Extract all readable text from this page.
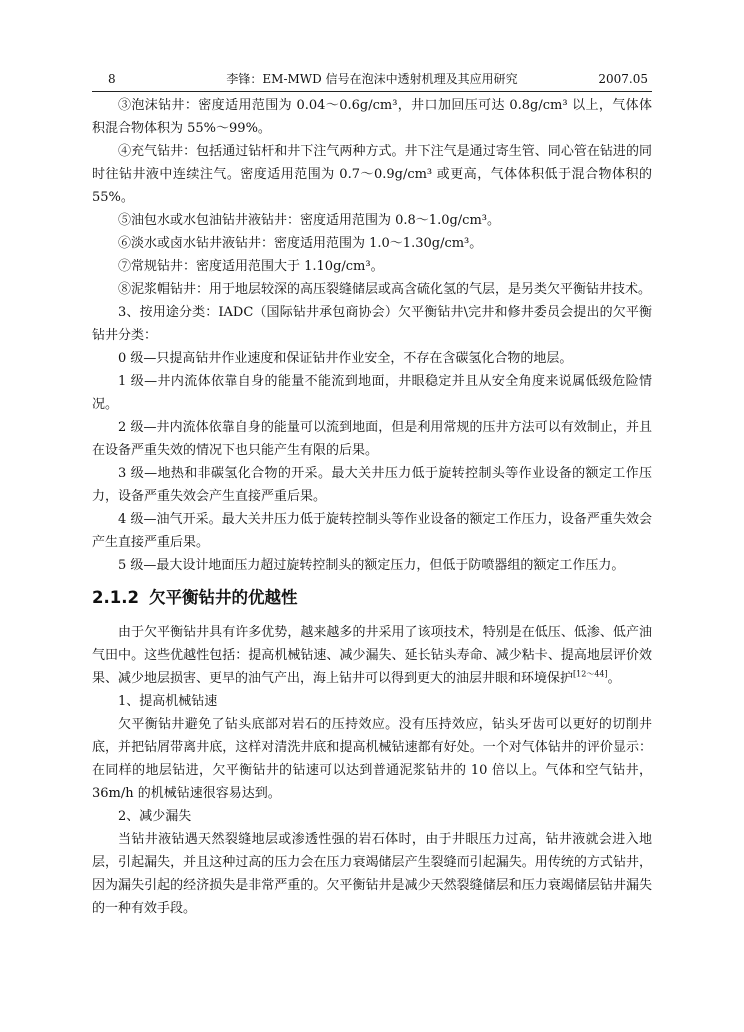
8	李锋：EM-MWD 信号在泡沫中透射机理及其应用研究	2007.05

③泡沫钻井：密度适用范围为 0.04～0.6g/cm³，井口加回压可达 0.8g/cm³ 以上，气体体积混合物体积为 55%～99%。

④充气钻井：包括通过钻杆和井下注气两种方式。井下注气是通过寄生管、同心管在钻进的同时往钻井液中连续注气。密度适用范围为 0.7～0.9g/cm³ 或更高，气体体积低于混合物体积的 55%。

⑤油包水或水包油钻井液钻井：密度适用范围为 0.8～1.0g/cm³。

⑥淡水或卤水钻井液钻井：密度适用范围为 1.0～1.30g/cm³。

⑦常规钻井：密度适用范围大于 1.10g/cm³。

⑧泥浆帽钻井：用于地层较深的高压裂缝储层或高含硫化氢的气层，是另类欠平衡钻井技术。

3、按用途分类：IADC（国际钻井承包商协会）欠平衡钻井\完井和修井委员会提出的欠平衡钻井分类：

0 级—只提高钻井作业速度和保证钻井作业安全，不存在含碳氢化合物的地层。

1 级—井内流体依靠自身的能量不能流到地面，井眼稳定并且从安全角度来说属低级危险情况。

2 级—井内流体依靠自身的能量可以流到地面，但是利用常规的压井方法可以有效制止，并且在设备严重失效的情况下也只能产生有限的后果。

3 级—地热和非碳氢化合物的开采。最大关井压力低于旋转控制头等作业设备的额定工作压力，设备严重失效会产生直接严重后果。

4 级—油气开采。最大关井压力低于旋转控制头等作业设备的额定工作压力，设备严重失效会产生直接严重后果。

5 级—最大设计地面压力超过旋转控制头的额定压力，但低于防喷器组的额定工作压力。

2.1.2 欠平衡钻井的优越性

由于欠平衡钻井具有许多优势，越来越多的井采用了该项技术，特别是在低压、低渗、低产油气田中。这些优越性包括：提高机械钻速、减少漏失、延长钻头寿命、减少粘卡、提高地层评价效果、减少地层损害、更早的油气产出，海上钻井可以得到更大的油层井眼和环境保护[12～44]。

1、提高机械钻速

欠平衡钻井避免了钻头底部对岩石的压持效应。没有压持效应，钻头牙齿可以更好的切削井底，并把钻屑带离井底，这样对清洗井底和提高机械钻速都有好处。一个对气体钻井的评价显示：在同样的地层钻进，欠平衡钻井的钻速可以达到普通泥浆钻井的 10 倍以上。气体和空气钻井，36m/h 的机械钻速很容易达到。

2、减少漏失

当钻井液钻遇天然裂缝地层或渗透性强的岩石体时，由于井眼压力过高，钻井液就会进入地层，引起漏失，并且这种过高的压力会在压力衰竭储层产生裂缝而引起漏失。用传统的方式钻井，因为漏失引起的经济损失是非常严重的。欠平衡钻井是减少天然裂缝储层和压力衰竭储层钻井漏失的一种有效手段。
